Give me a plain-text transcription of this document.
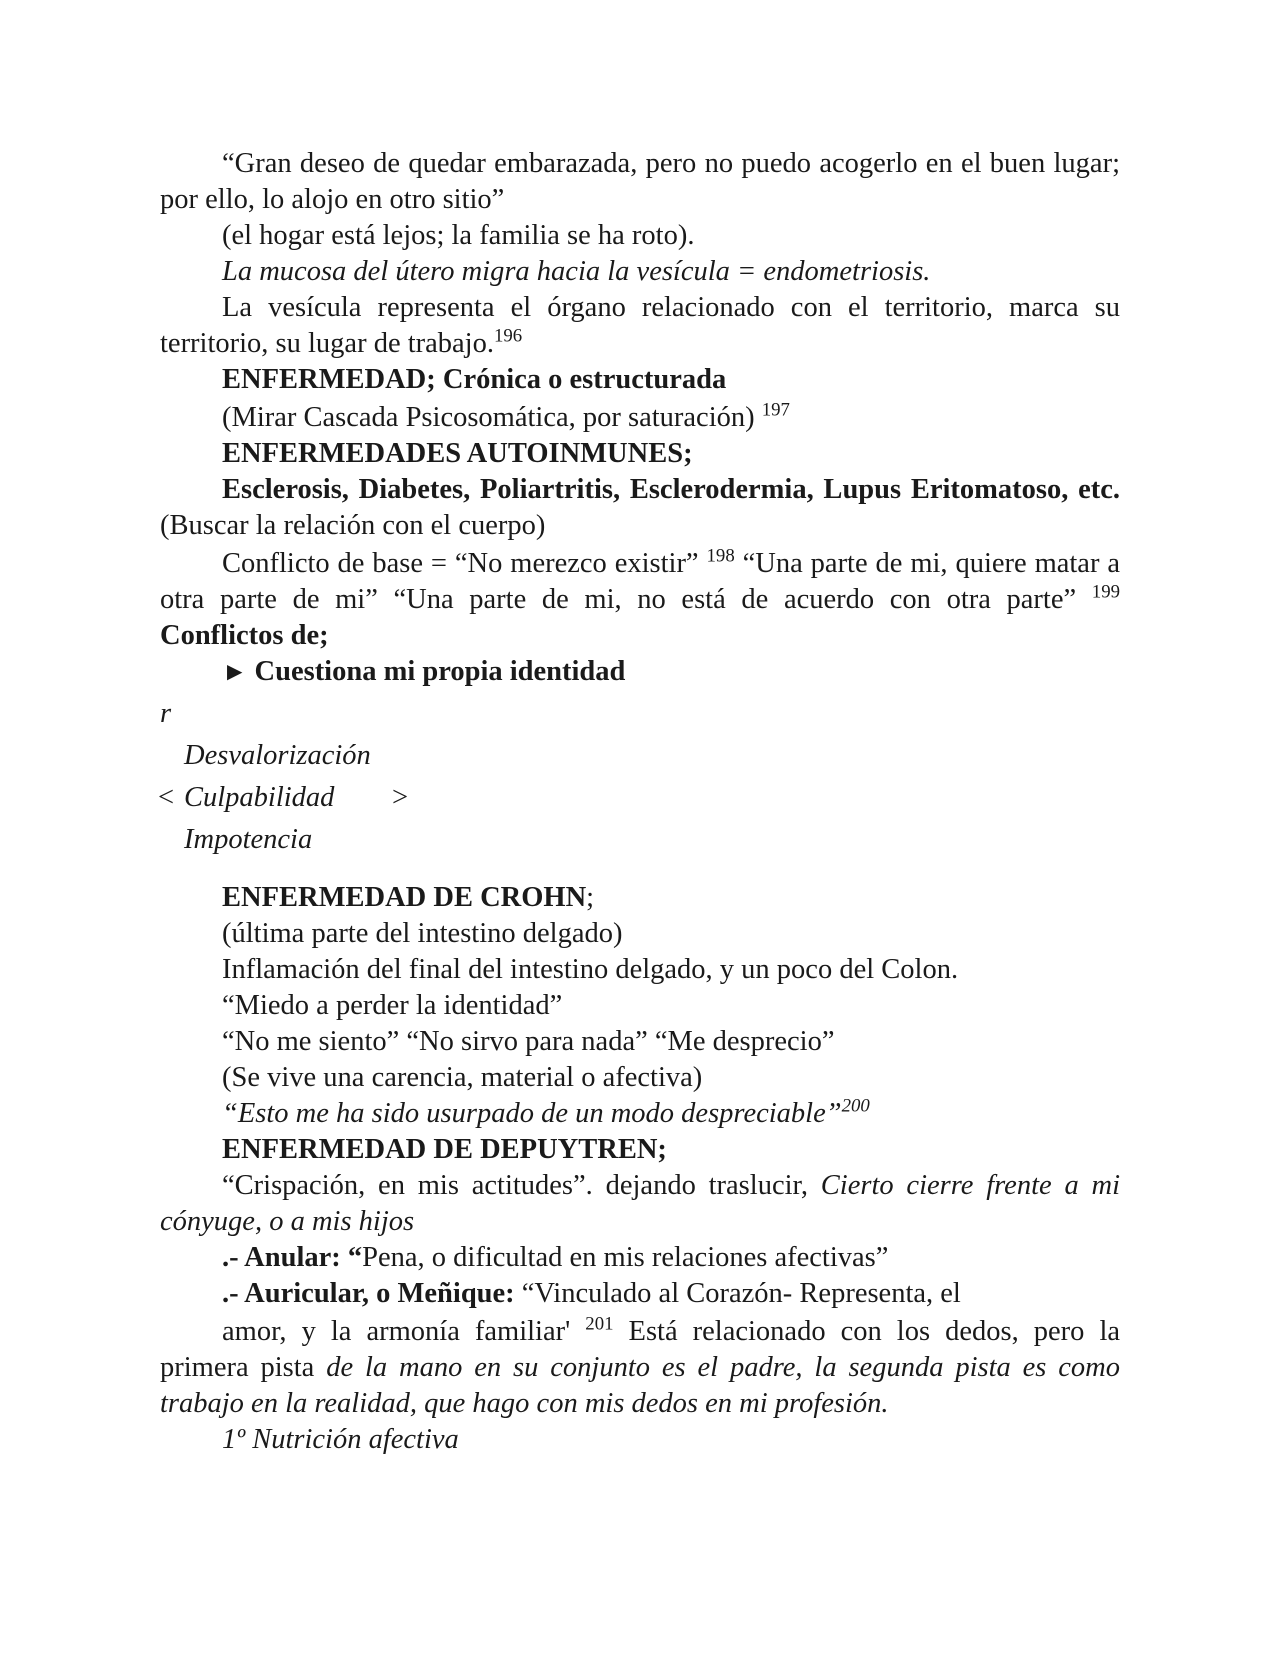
“Gran deseo de quedar embarazada, pero no puedo acogerlo en el buen lugar; por ello, lo alojo en otro sitio”

(el hogar está lejos; la familia se ha roto).

La mucosa del útero migra hacia la vesícula = endometriosis.

La vesícula representa el órgano relacionado con el territorio, marca su territorio, su lugar de trabajo.$^{196}$

ENFERMEDAD; Crónica o estructurada

(Mirar Cascada Psicosomática, por saturación) $^{197}$

ENFERMEDADES AUTOINMUNES;

Esclerosis, Diabetes, Poliartritis, Esclerodermia, Lupus Eritomatoso, etc. (Buscar la relación con el cuerpo)

Conflicto de base = “No merezco existir” $^{198}$ “Una parte de mi, quiere matar a otra parte de mi” “Una parte de mi, no está de acuerdo con otra parte” $^{199}$ Conflictos de;

► Cuestiona mi propia identidad

r
Desvalorización
< Culpabilidad >
Impotencia

ENFERMEDAD DE CROHN;

(última parte del intestino delgado)

Inflamación del final del intestino delgado, y un poco del Colon.

“Miedo a perder la identidad”

“No me siento” “No sirvo para nada” “Me desprecio”

(Se vive una carencia, material o afectiva)

“Esto me ha sido usurpado de un modo despreciable”$^{200}$

ENFERMEDAD DE DEPUYTREN;

“Crispación, en mis actitudes”. dejando traslucir, Cierto cierre frente a mi cónyuge, o a mis hijos

.- Anular: “Pena, o dificultad en mis relaciones afectivas”

.- Auricular, o Meñique: “Vinculado al Corazón- Representa, el

amor, y la armonía familiar' $^{201}$ Está relacionado con los dedos, pero la primera pista de la mano en su conjunto es el padre, la segunda pista es como trabajo en la realidad, que hago con mis dedos en mi profesión.

1º Nutrición afectiva
